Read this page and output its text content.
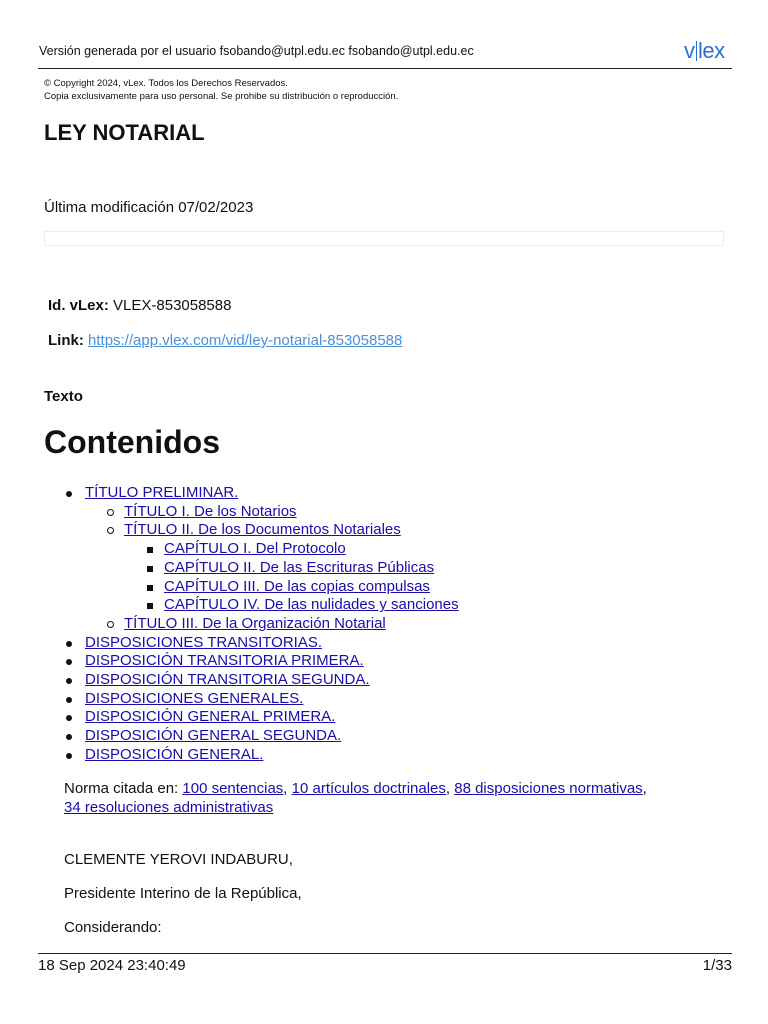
Versión generada por el usuario fsobando@utpl.edu.ec fsobando@utpl.edu.ec	v lex
© Copyright 2024, vLex. Todos los Derechos Reservados.
Copia exclusivamente para uso personal. Se prohibe su distribución o reproducción.
LEY NOTARIAL
Última modificación 07/02/2023
Id. vLex: VLEX-853058588
Link: https://app.vlex.com/vid/ley-notarial-853058588
Texto
Contenidos
TÍTULO PRELIMINAR.
TÍTULO I. De los Notarios
TÍTULO II. De los Documentos Notariales
CAPÍTULO I. Del Protocolo
CAPÍTULO II. De las Escrituras Públicas
CAPÍTULO III. De las copias compulsas
CAPÍTULO IV. De las nulidades y sanciones
TÍTULO III. De la Organización Notarial
DISPOSICIONES TRANSITORIAS.
DISPOSICIÓN TRANSITORIA PRIMERA.
DISPOSICIÓN TRANSITORIA SEGUNDA.
DISPOSICIONES GENERALES.
DISPOSICIÓN GENERAL PRIMERA.
DISPOSICIÓN GENERAL SEGUNDA.
DISPOSICIÓN GENERAL.
Norma citada en: 100 sentencias, 10 artículos doctrinales, 88 disposiciones normativas,
34 resoluciones administrativas
CLEMENTE YEROVI INDABURU,
Presidente Interino de la República,
Considerando:
18 Sep 2024 23:40:49	1/33
